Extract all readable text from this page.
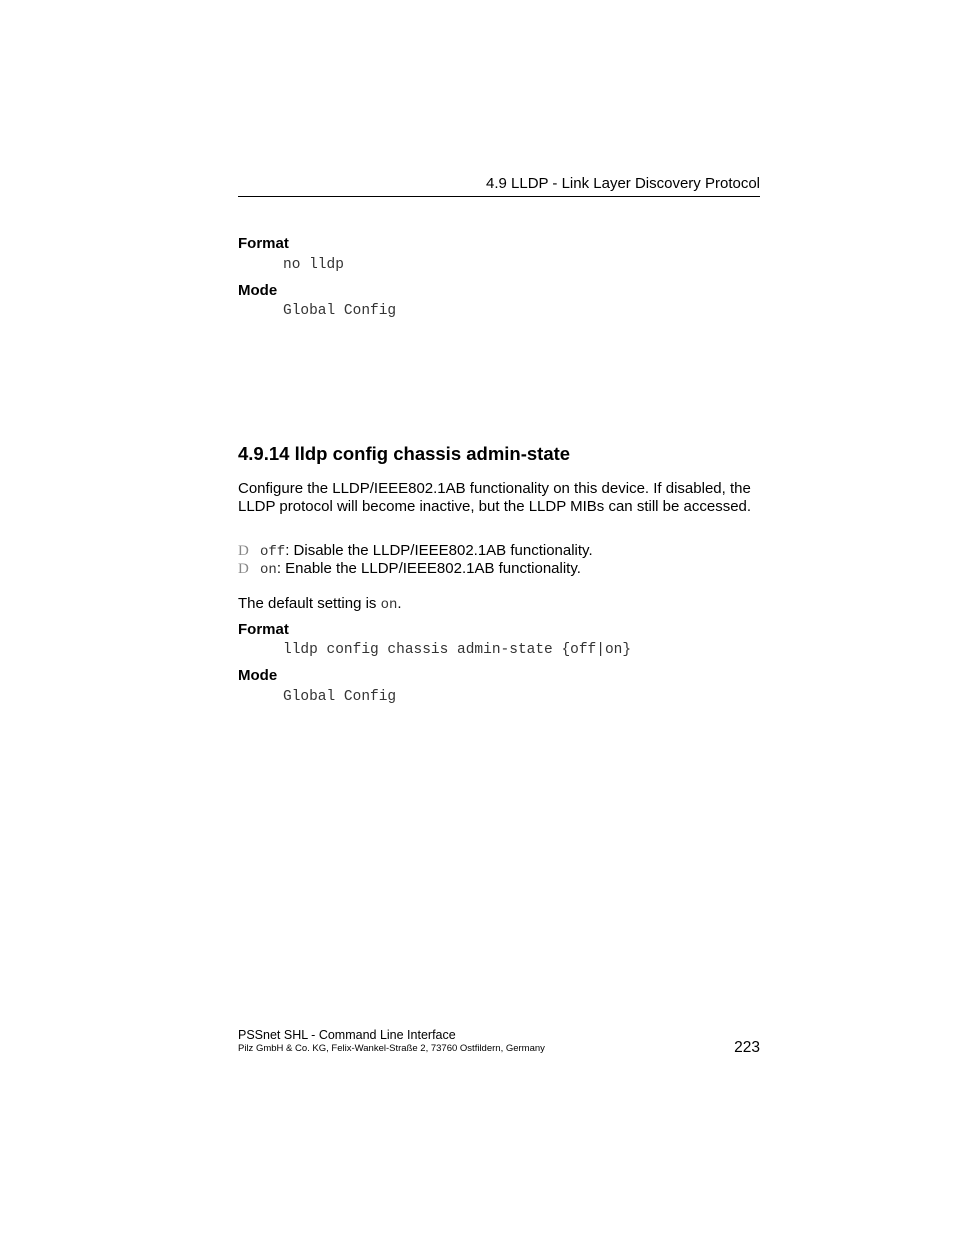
4.9 LLDP - Link Layer Discovery Protocol
Format
no lldp
Mode
Global Config
4.9.14 lldp config chassis admin-state
Configure the LLDP/IEEE802.1AB functionality on this device. If disabled, the LLDP protocol will become inactive, but the LLDP MIBs can still be accessed.
D off: Disable the LLDP/IEEE802.1AB functionality.
D on: Enable the LLDP/IEEE802.1AB functionality.
The default setting is on.
Format
lldp config chassis admin-state {off|on}
Mode
Global Config
PSSnet SHL - Command Line Interface
Pilz GmbH & Co. KG, Felix-Wankel-Straße 2, 73760 Ostfildern, Germany	223
